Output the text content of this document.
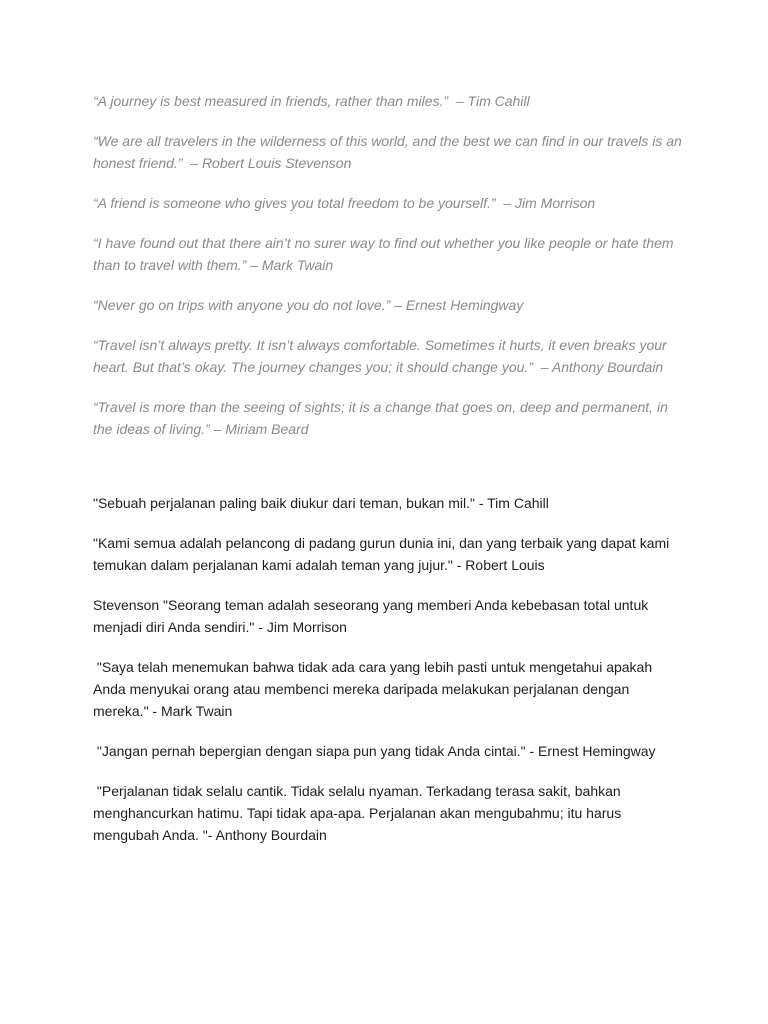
“A journey is best measured in friends, rather than miles.”  – Tim Cahill

“We are all travelers in the wilderness of this world, and the best we can find in our travels is an honest friend.”  – Robert Louis Stevenson

“A friend is someone who gives you total freedom to be yourself.”  – Jim Morrison

“I have found out that there ain’t no surer way to find out whether you like people or hate them than to travel with them.” – Mark Twain

“Never go on trips with anyone you do not love.” – Ernest Hemingway

“Travel isn’t always pretty. It isn’t always comfortable. Sometimes it hurts, it even breaks your heart. But that’s okay. The journey changes you; it should change you.”  – Anthony Bourdain

“Travel is more than the seeing of sights; it is a change that goes on, deep and permanent, in the ideas of living.” – Miriam Beard

"Sebuah perjalanan paling baik diukur dari teman, bukan mil." - Tim Cahill

"Kami semua adalah pelancong di padang gurun dunia ini, dan yang terbaik yang dapat kami temukan dalam perjalanan kami adalah teman yang jujur." - Robert Louis

Stevenson "Seorang teman adalah seseorang yang memberi Anda kebebasan total untuk menjadi diri Anda sendiri." - Jim Morrison

"Saya telah menemukan bahwa tidak ada cara yang lebih pasti untuk mengetahui apakah Anda menyukai orang atau membenci mereka daripada melakukan perjalanan dengan mereka." - Mark Twain

"Jangan pernah bepergian dengan siapa pun yang tidak Anda cintai." - Ernest Hemingway

"Perjalanan tidak selalu cantik. Tidak selalu nyaman. Terkadang terasa sakit, bahkan menghancurkan hatimu. Tapi tidak apa-apa. Perjalanan akan mengubahmu; itu harus mengubah Anda. "- Anthony Bourdain
